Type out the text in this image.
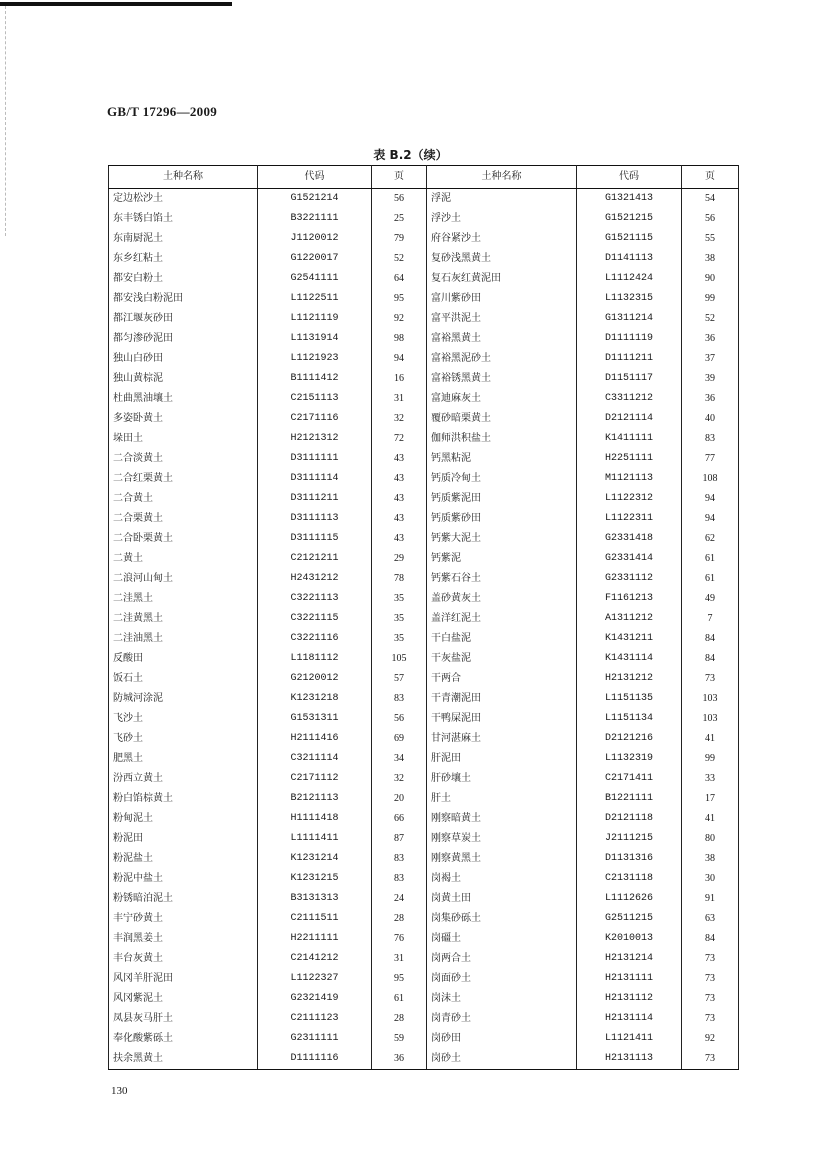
GB/T 17296—2009
表 B.2（续）
土种名称	代码	页	土种名称	代码	页
定边松沙土	G1521214	56	浮泥	G1321413	54
东丰锈白馅土	B3221111	25	浮沙土	G1521215	56
东南厨泥土	J1120012	79	府谷紧沙土	G1521115	55
东乡红粘土	G1220017	52	复砂浅黑黄土	D1141113	38
都安白粉土	G2541111	64	复石灰红黄泥田	L1112424	90
都安浅白粉泥田	L1122511	95	富川紫砂田	L1132315	99
都江堰灰砂田	L1121119	92	富平洪泥土	G1311214	52
都匀渗砂泥田	L1131914	98	富裕黑黄土	D1111119	36
独山白砂田	L1121923	94	富裕黑泥砂土	D1111211	37
独山黄棕泥	B1111412	16	富裕锈黑黄土	D1151117	39
杜曲黑油壤土	C2151113	31	富迪麻灰土	C3311212	36
多姿卧黄土	C2171116	32	覆砂暗栗黄土	D2121114	40
垛田土	H2121312	72	伽师洪积盐土	K1411111	83
二合淡黄土	D3111111	43	钙黑粘泥	H2251111	77
二合红栗黄土	D3111114	43	钙质冷甸土	M1121113	108
二合黄土	D3111211	43	钙质紫泥田	L1122312	94
二合栗黄土	D3111113	43	钙质紫砂田	L1122311	94
二合卧栗黄土	D3111115	43	钙紫大泥土	G2331418	62
二黄土	C2121211	29	钙紫泥	G2331414	61
二浪河山甸土	H2431212	78	钙紫石谷土	G2331112	61
二洼黑土	C3221113	35	盖砂黄灰土	F1161213	49
二洼黄黑土	C3221115	35	盖洋红泥土	A1311212	7
二洼油黑土	C3221116	35	干白盐泥	K1431211	84
反酸田	L1181112	105	干灰盐泥	K1431114	84
饭石土	G2120012	57	干两合	H2131212	73
防城河涂泥	K1231218	83	干青潮泥田	L1151135	103
飞沙土	G1531311	56	干鸭屎泥田	L1151134	103
飞砂土	H2111416	69	甘河湛麻土	D2121216	41
肥黑土	C3211114	34	肝泥田	L1132319	99
汾西立黄土	C2171112	32	肝砂壤土	C2171411	33
粉白馅棕黄土	B2121113	20	肝土	B1221111	17
粉甸泥土	H1111418	66	刚察暗黄土	D2121118	41
粉泥田	L1111411	87	刚察草炭土	J2111215	80
粉泥盐土	K1231214	83	刚察黄黑土	D1131316	38
粉泥中盐土	K1231215	83	岗褐土	C2131118	30
粉锈暗泊泥土	B3131313	24	岗黄土田	L1112626	91
丰宁砂黄土	C2111511	28	岗集砂砾土	G2511215	63
丰润黑姜土	H2211111	76	岗礓土	K2010013	84
丰台灰黄土	C2141212	31	岗两合土	H2131214	73
风冈羊肝泥田	L1122327	95	岗面砂土	H2131111	73
风冈紫泥土	G2321419	61	岗沫土	H2131112	73
凤县灰马肝土	C2111123	28	岗青砂土	H2131114	73
奉化酸紫砾土	G2311111	59	岗砂田	L1121411	92
扶余黑黄土	D1111116	36	岗砂土	H2131113	73
130
